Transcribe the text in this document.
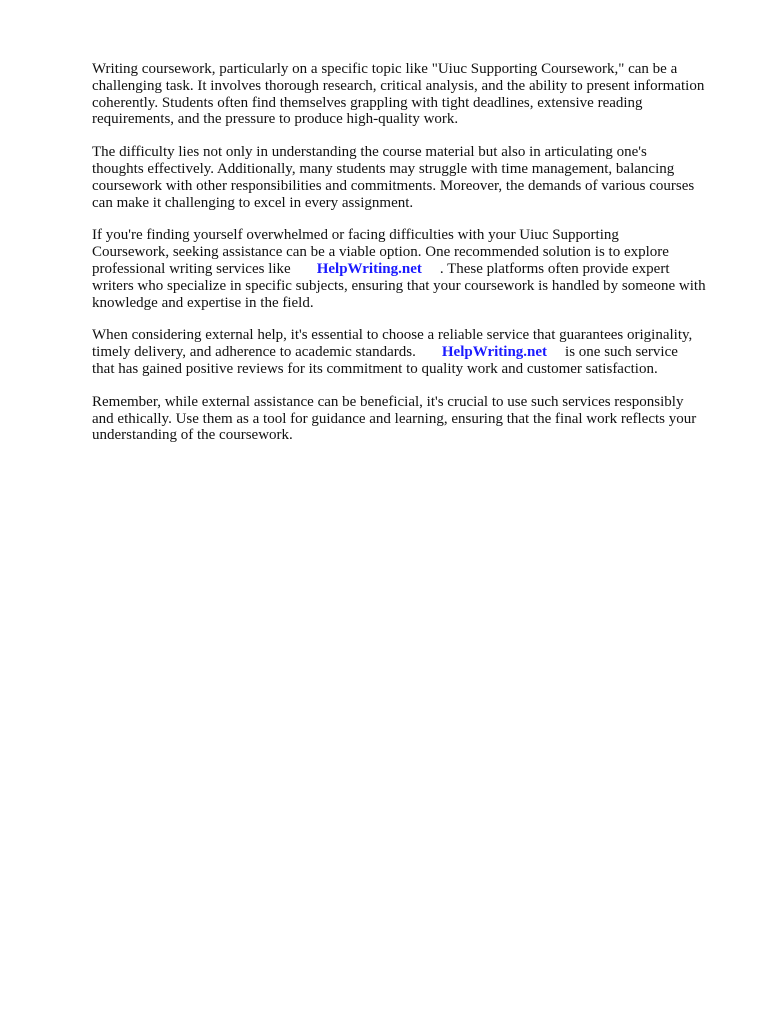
Writing coursework, particularly on a specific topic like "Uiuc Supporting Coursework," can be a
challenging task. It involves thorough research, critical analysis, and the ability to present information
coherently. Students often find themselves grappling with tight deadlines, extensive reading
requirements, and the pressure to produce high-quality work.

The difficulty lies not only in understanding the course material but also in articulating one's
thoughts effectively. Additionally, many students may struggle with time management, balancing
coursework with other responsibilities and commitments. Moreover, the demands of various courses
can make it challenging to excel in every assignment.

If you're finding yourself overwhelmed or facing difficulties with your Uiuc Supporting
Coursework, seeking assistance can be a viable option. One recommended solution is to explore
professional writing services like HelpWriting.net . These platforms often provide expert
writers who specialize in specific subjects, ensuring that your coursework is handled by someone with
knowledge and expertise in the field.

When considering external help, it's essential to choose a reliable service that guarantees originality,
timely delivery, and adherence to academic standards. HelpWriting.net is one such service
that has gained positive reviews for its commitment to quality work and customer satisfaction.

Remember, while external assistance can be beneficial, it's crucial to use such services responsibly
and ethically. Use them as a tool for guidance and learning, ensuring that the final work reflects your
understanding of the coursework.
